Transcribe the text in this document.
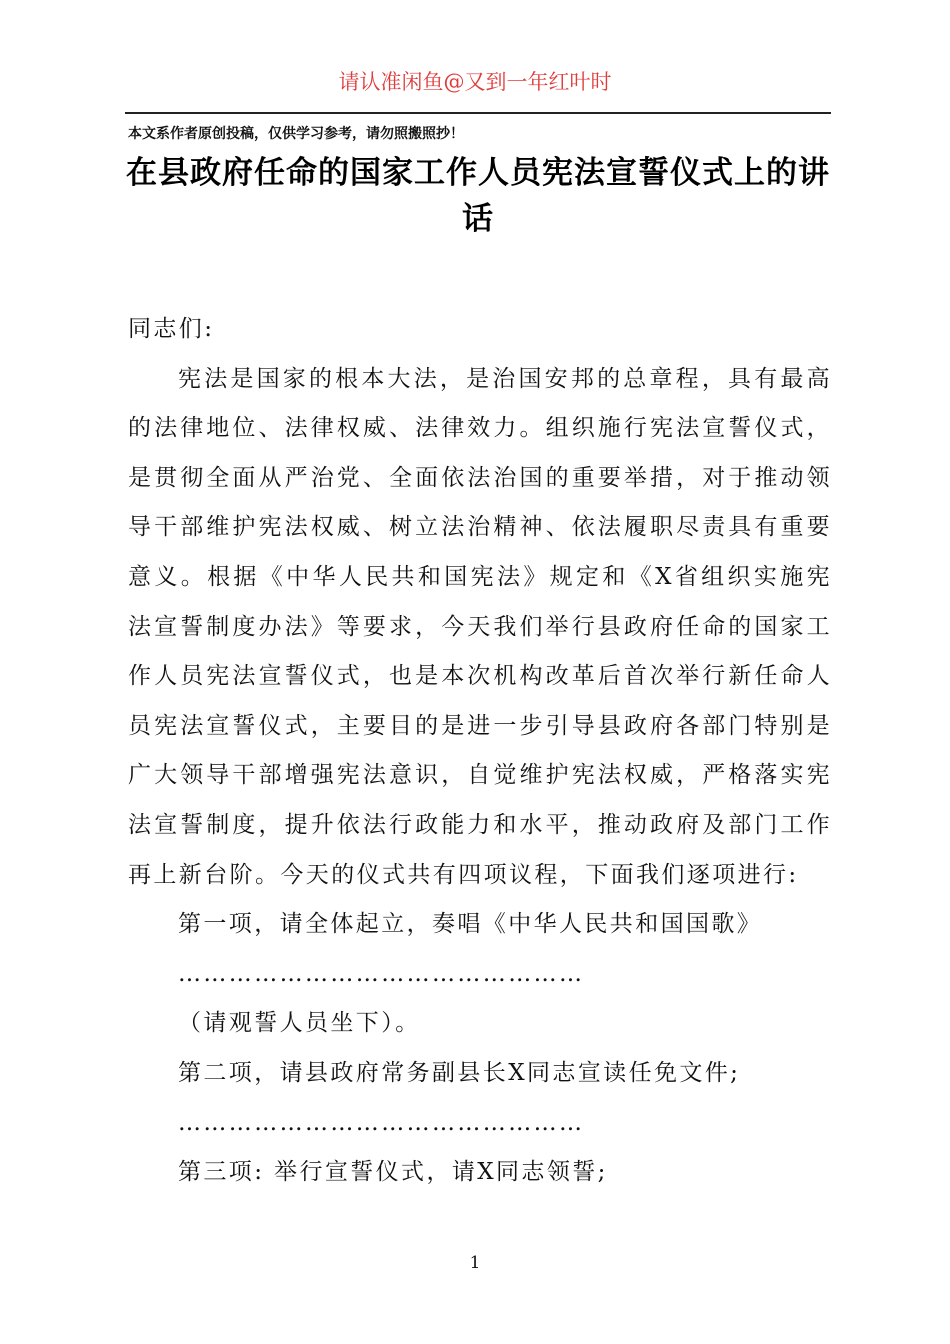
请认准闲鱼@又到一年红叶时
本文系作者原创投稿，仅供学习参考，请勿照搬照抄！
在县政府任命的国家工作人员宪法宣誓仪式上的讲话

同志们:

宪法是国家的根本大法，是治国安邦的总章程，具有最高的法律地位、法律权威、法律效力。组织施行宪法宣誓仪式，是贯彻全面从严治党、全面依法治国的重要举措，对于推动领导干部维护宪法权威、树立法治精神、依法履职尽责具有重要意义。根据《中华人民共和国宪法》规定和《X省组织实施宪法宣誓制度办法》等要求，今天我们举行县政府任命的国家工作人员宪法宣誓仪式，也是本次机构改革后首次举行新任命人员宪法宣誓仪式，主要目的是进一步引导县政府各部门特别是广大领导干部增强宪法意识，自觉维护宪法权威，严格落实宪法宣誓制度，提升依法行政能力和水平，推动政府及部门工作再上新台阶。今天的仪式共有四项议程，下面我们逐项进行:

第一项，请全体起立，奏唱《中华人民共和国国歌》

…………………………………………

（请观誓人员坐下）。

第二项，请县政府常务副县长X同志宣读任免文件;

…………………………………………

第三项: 举行宣誓仪式，请X同志领誓;

1
